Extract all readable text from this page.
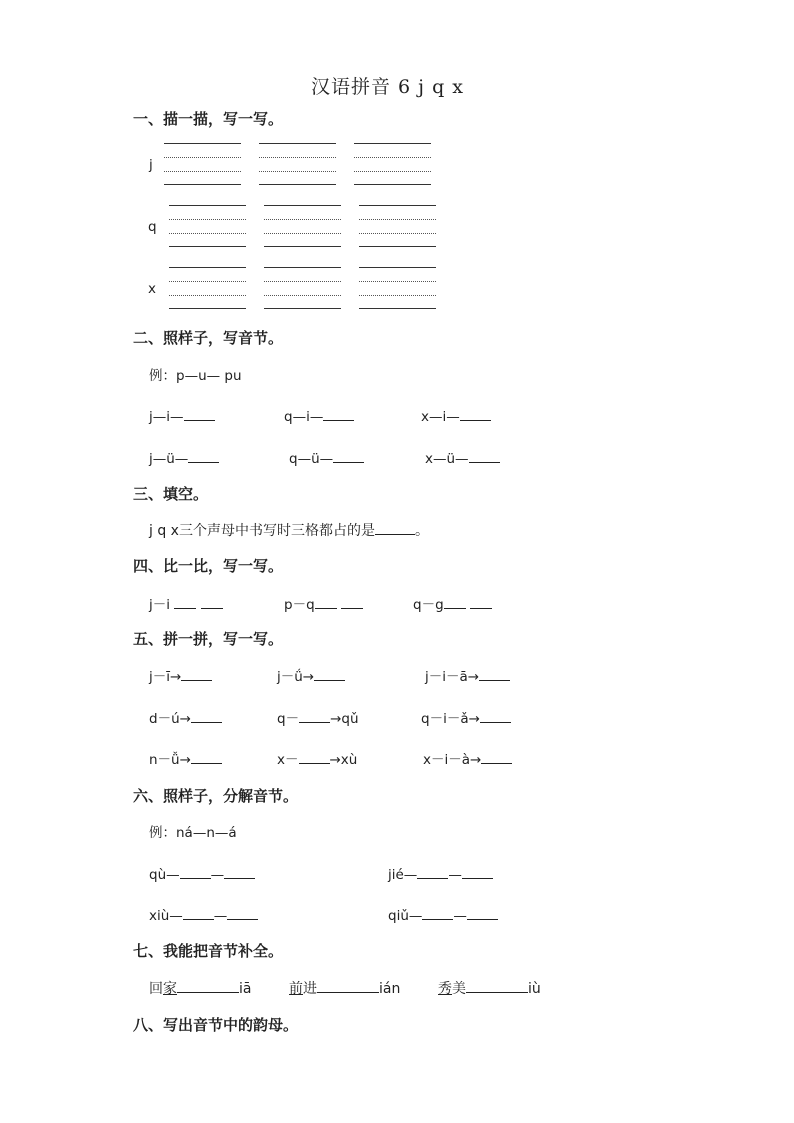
汉语拼音 6 j q x
一、描一描，写一写。
j
q
x
二、照样子，写音节。
例：p—u— pu
j—i—	q—i—	x—i—
j—ü—	q—ü—	x—ü—
三、填空。
j q x三个声母中书写时三格都占的是	。
四、比一比，写一写。
j－i	p－q	q－g
五、拼一拼，写一写。
j－ī→	j－ǘ→	j－i－ā→
d－ú→	q－ →qǔ	q－i－ǎ→
n－ǚ→	x－ →xù	x－i－à→
六、照样子，分解音节。
例：ná—n—á
qù— —	jié— —
xiù— —	qiǔ— —
七、我能把音节补全。
回家	iā	前进	ián	秀美	iù
八、写出音节中的韵母。
